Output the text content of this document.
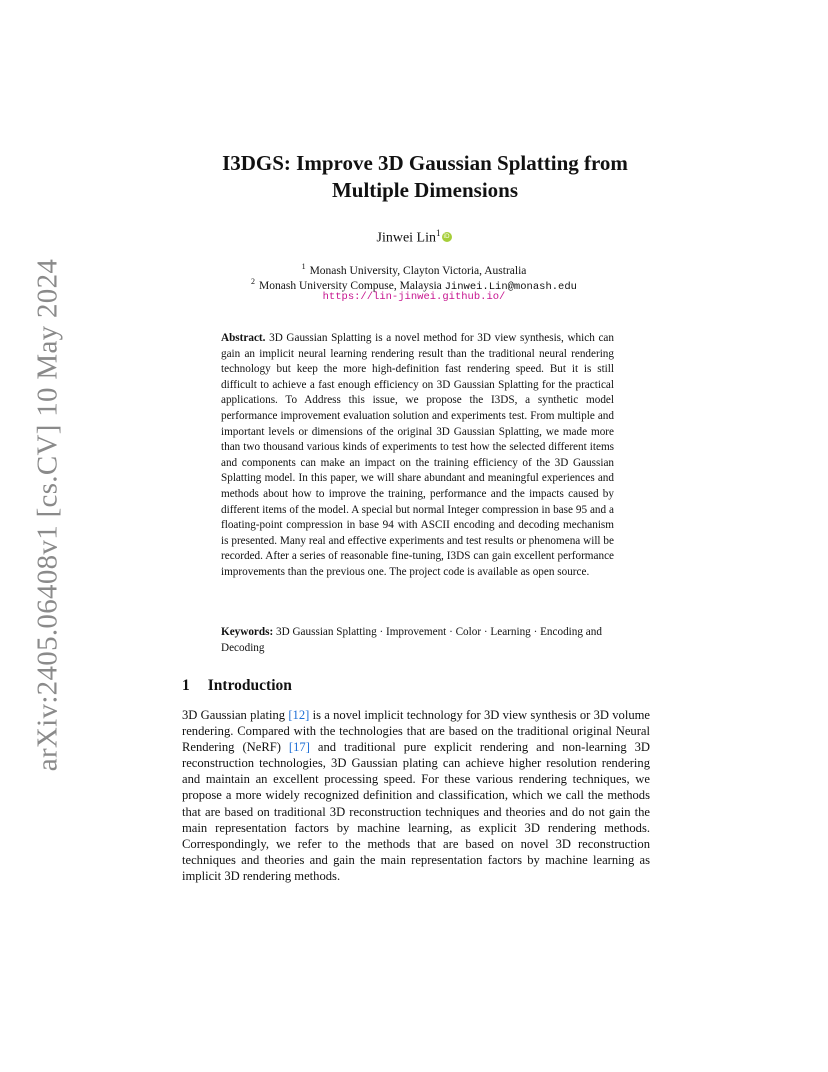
arXiv:2405.06408v1 [cs.CV] 10 May 2024
I3DGS: Improve 3D Gaussian Splatting from
Multiple Dimensions
Jinwei Lin$^1$ iD
$^1$ Monash University, Clayton Victoria, Australia
$^2$ Monash University Compuse, Malaysia Jinwei.Lin@monash.edu
https://lin-jinwei.github.io/
Abstract. 3D Gaussian Splatting is a novel method for 3D view synthesis, which can gain an implicit neural learning rendering result than the traditional neural rendering technology but keep the more high-definition fast rendering speed. But it is still difficult to achieve a fast enough efficiency on 3D Gaussian Splatting for the practical applications. To Address this issue, we propose the I3DS, a synthetic model performance improvement evaluation solution and experiments test. From multiple and important levels or dimensions of the original 3D Gaussian Splatting, we made more than two thousand various kinds of experiments to test how the selected different items and components can make an impact on the training efficiency of the 3D Gaussian Splatting model. In this paper, we will share abundant and meaningful experiences and methods about how to improve the training, performance and the impacts caused by different items of the model. A special but normal Integer compression in base 95 and a floating-point compression in base 94 with ASCII encoding and decoding mechanism is presented. Many real and effective experiments and test results or phenomena will be recorded. After a series of reasonable fine-tuning, I3DS can gain excellent performance improvements than the previous one. The project code is available as open source.
Keywords: 3D Gaussian Splatting · Improvement · Color · Learning · Encoding and Decoding
1 Introduction
3D Gaussian plating [12] is a novel implicit technology for 3D view synthesis or 3D volume rendering. Compared with the technologies that are based on the traditional original Neural Rendering (NeRF) [17] and traditional pure explicit rendering and non-learning 3D reconstruction technologies, 3D Gaussian plating can achieve higher resolution rendering and maintain an excellent processing speed. For these various rendering techniques, we propose a more widely recognized definition and classification, which we call the methods that are based on traditional 3D reconstruction techniques and theories and do not gain the main representation factors by machine learning, as explicit 3D rendering methods. Correspondingly, we refer to the methods that are based on novel 3D reconstruction techniques and theories and gain the main representation factors by machine learning as implicit 3D rendering methods.
